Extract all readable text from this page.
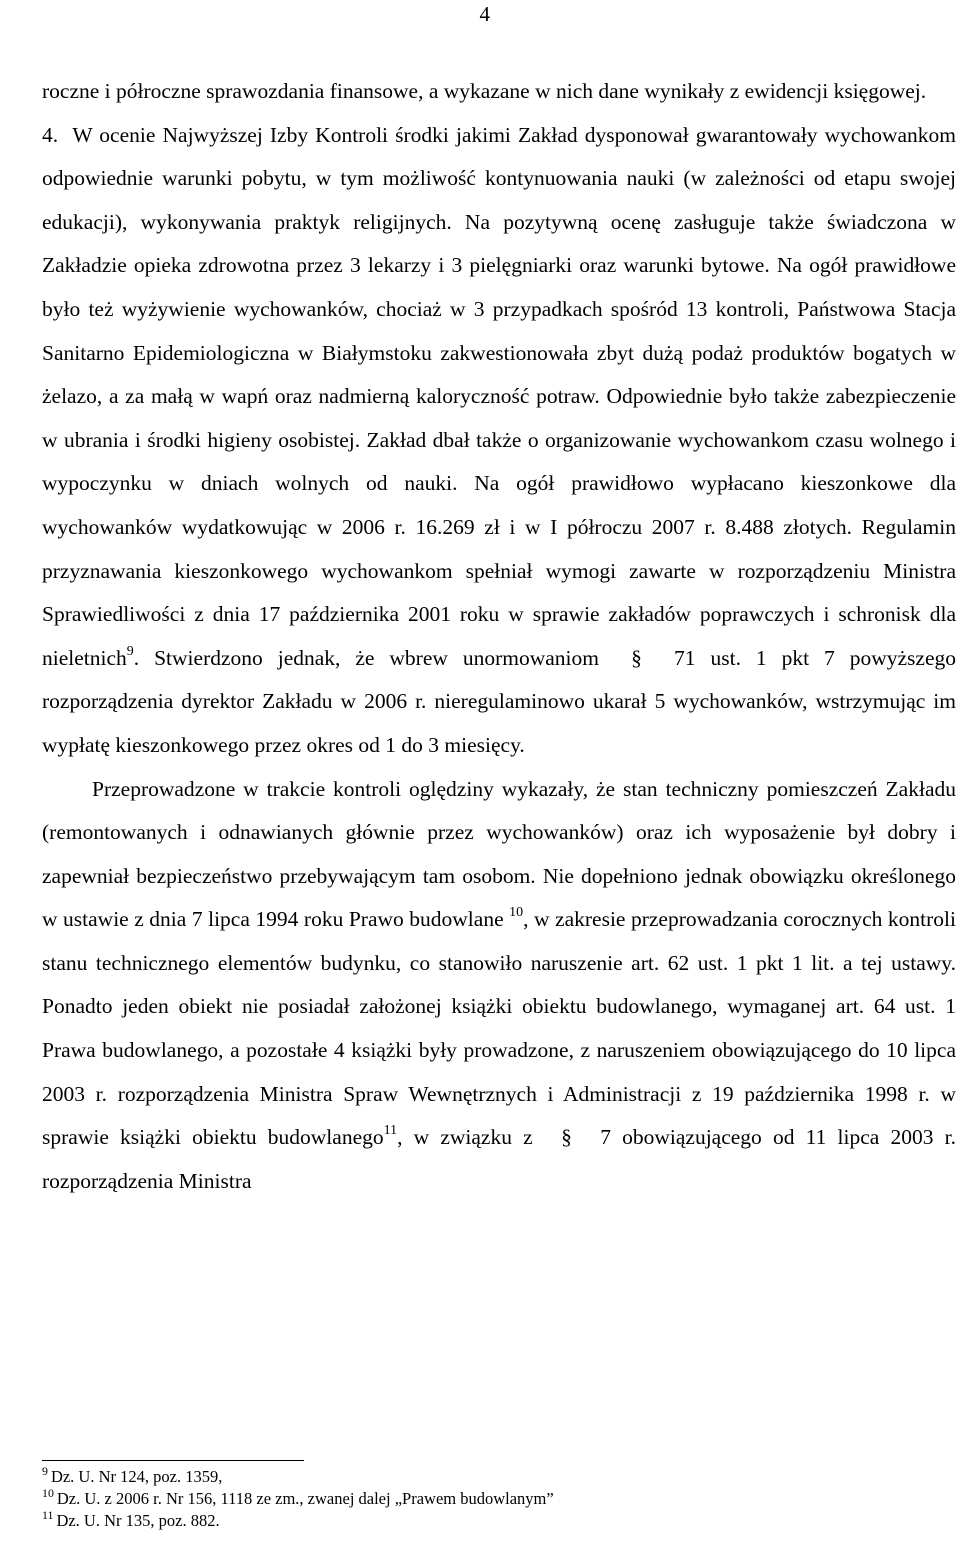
4

roczne i półroczne sprawozdania finansowe, a wykazane w nich dane wynikały z ewidencji księgowej.

4. W ocenie Najwyższej Izby Kontroli środki jakimi Zakład dysponował gwarantowały wychowankom odpowiednie warunki pobytu, w tym możliwość kontynuowania nauki (w zależności od etapu swojej edukacji), wykonywania praktyk religijnych. Na pozytywną ocenę zasługuje także świadczona w Zakładzie opieka zdrowotna przez 3 lekarzy i 3 pielęgniarki oraz warunki bytowe. Na ogół prawidłowe było też wyżywienie wychowanków, chociaż w 3 przypadkach spośród 13 kontroli, Państwowa Stacja Sanitarno Epidemiologiczna w Białymstoku zakwestionowała zbyt dużą podaż produktów bogatych w żelazo, a za małą w wapń oraz nadmierną kaloryczność potraw. Odpowiednie było także zabezpieczenie w ubrania i środki higieny osobistej. Zakład dbał także o organizowanie wychowankom czasu wolnego i wypoczynku w dniach wolnych od nauki. Na ogół prawidłowo wypłacano kieszonkowe dla wychowanków wydatkowując w 2006 r. 16.269 zł i w I półroczu 2007 r. 8.488 złotych. Regulamin przyznawania kieszonkowego wychowankom spełniał wymogi zawarte w rozporządzeniu Ministra Sprawiedliwości z dnia 17 października 2001 roku w sprawie zakładów poprawczych i schronisk dla nieletnich$^9$. Stwierdzono jednak, że wbrew unormowaniom § 71 ust. 1 pkt 7 powyższego rozporządzenia dyrektor Zakładu w 2006 r. nieregulaminowo ukarał 5 wychowanków, wstrzymując im wypłatę kieszonkowego przez okres od 1 do 3 miesięcy.

Przeprowadzone w trakcie kontroli oględziny wykazały, że stan techniczny pomieszczeń Zakładu (remontowanych i odnawianych głównie przez wychowanków) oraz ich wyposażenie był dobry i zapewniał bezpieczeństwo przebywającym tam osobom. Nie dopełniono jednak obowiązku określonego w ustawie z dnia 7 lipca 1994 roku Prawo budowlane $^{10}$, w zakresie przeprowadzania corocznych kontroli stanu technicznego elementów budynku, co stanowiło naruszenie art. 62 ust. 1 pkt 1 lit. a tej ustawy. Ponadto jeden obiekt nie posiadał założonej książki obiektu budowlanego, wymaganej art. 64 ust. 1 Prawa budowlanego, a pozostałe 4 książki były prowadzone, z naruszeniem obowiązującego do 10 lipca 2003 r. rozporządzenia Ministra Spraw Wewnętrznych i Administracji z 19 października 1998 r. w sprawie książki obiektu budowlanego$^{11}$, w związku z § 7 obowiązującego od 11 lipca 2003 r. rozporządzenia Ministra

$^9$ Dz. U. Nr 124, poz. 1359,

$^{10}$ Dz. U. z 2006 r. Nr 156, 1118 ze zm., zwanej dalej „Prawem budowlanym”

$^{11}$ Dz. U. Nr 135, poz. 882.
